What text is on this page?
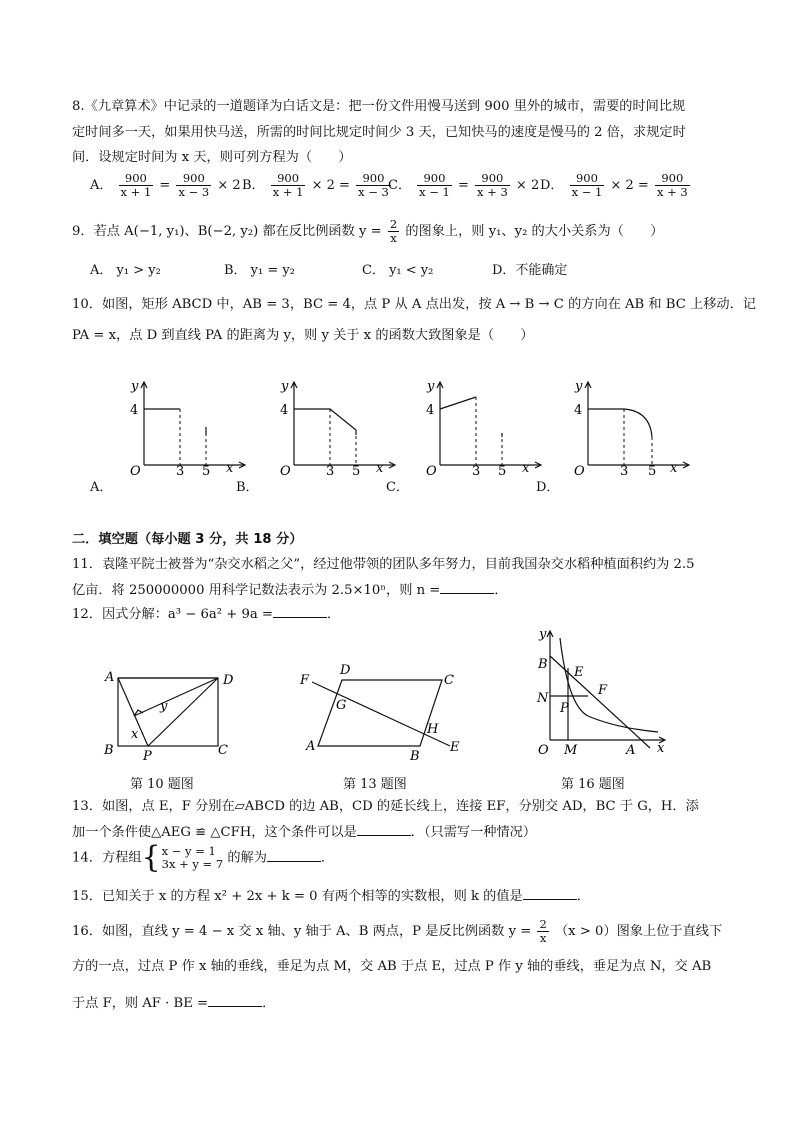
8.《九章算术》中记录的一道题译为白话文是：把一份文件用慢马送到 900 里外的城市，需要的时间比规
定时间多一天，如果用快马送，所需的时间比规定时间少 3 天，已知快马的速度是慢马的 2 倍，求规定时
间．设规定时间为 x 天，则可列方程为（　　）
A． $\frac{900}{x + 1} = \frac{900}{x - 3} \times 2$ B． $\frac{900}{x + 1} \times 2 = \frac{900}{x - 3}$
C． $\frac{900}{x - 1} = \frac{900}{x + 3} \times 2$ D． $\frac{900}{x - 1} \times 2 = \frac{900}{x + 3}$
9．若点 A(−1, y₁)、B(−2, y₂) 都在反比例函数 $y = \frac{2}{x}$ 的图象上，则 y₁、y₂ 的大小关系为（　　）
A． y₁ > y₂	B． y₁ = y₂	C． y₁ < y₂	D．不能确定
10．如图，矩形 ABCD 中，AB = 3，BC = 4，点 P 从 A 点出发，按 A → B → C 的方向在 AB 和 BC 上移动．记
PA = x，点 D 到直线 PA 的距离为 y，则 y 关于 x 的函数大致图象是（　　）
y
4
O	3 5 x
A．
y
4
O	3 5 x
B．
y
4
O	3 5 x
C．
y
4
O	3 5 x
D．
二．填空题（每小题 3 分，共 18 分）
11．袁隆平院士被誉为“杂交水稻之父”，经过他带领的团队多年努力，目前我国杂交水稻种植面积约为 2.5
亿亩．将 250000000 用科学记数法表示为 2.5×10ⁿ，则 n =	．
12．因式分解：a³ − 6a² + 9a =	．
A	D
B	C
P
x
y
第 10 题图
F
D
C
G
H
A
B
E
第 13 题图
y
B
E
F
N
P
O M	A x
第 16 题图
13．如图，点 E，F 分别在▱ABCD 的边 AB，CD 的延长线上，连接 EF，分别交 AD，BC 于 G，H．添
加一个条件使△AEG ≌ △CFH，这个条件可以是	．（只需写一种情况）
14．方程组{ x − y = 1
3x + y = 7 的解为	．
15．已知关于 x 的方程 x² + 2x + k = 0 有两个相等的实数根，则 k 的值是	．
16．如图，直线 y = 4 − x 交 x 轴、y 轴于 A、B 两点，P 是反比例函数 $y = \frac{2}{x} (x > 0)$图象上位于直线下
方的一点，过点 P 作 x 轴的垂线，垂足为点 M，交 AB 于点 E，过点 P 作 y 轴的垂线，垂足为点 N，交 AB
于点 F，则 AF · BE =	．
